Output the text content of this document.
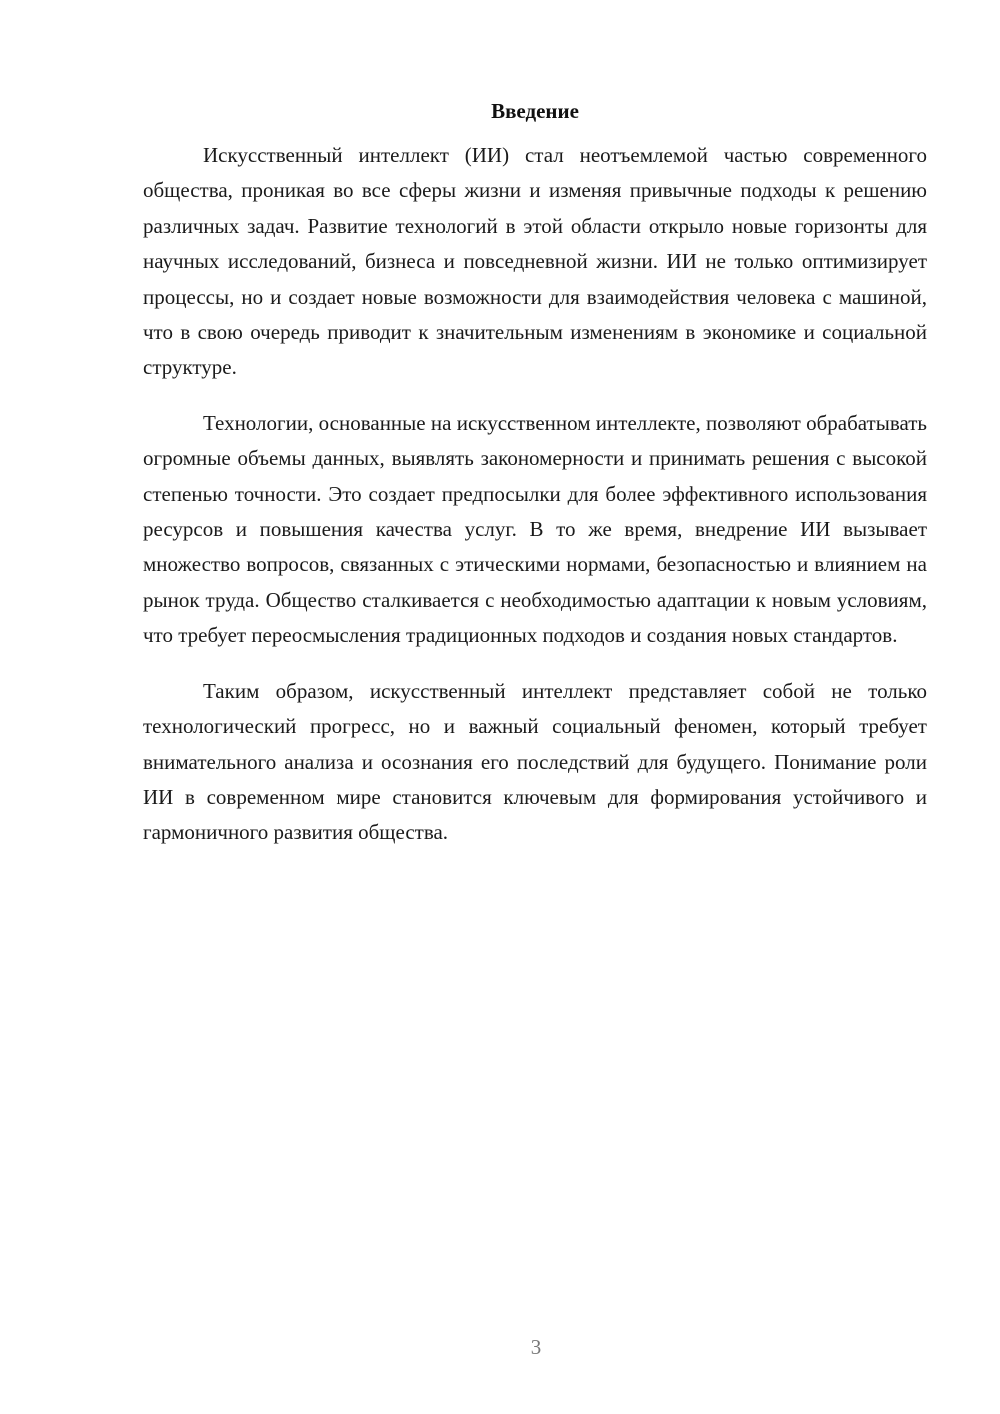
Введение

Искусственный интеллект (ИИ) стал неотъемлемой частью современного общества, проникая во все сферы жизни и изменяя привычные подходы к решению различных задач. Развитие технологий в этой области открыло новые горизонты для научных исследований, бизнеса и повседневной жизни. ИИ не только оптимизирует процессы, но и создает новые возможности для взаимодействия человека с машиной, что в свою очередь приводит к значительным изменениям в экономике и социальной структуре.

Технологии, основанные на искусственном интеллекте, позволяют обрабатывать огромные объемы данных, выявлять закономерности и принимать решения с высокой степенью точности. Это создает предпосылки для более эффективного использования ресурсов и повышения качества услуг. В то же время, внедрение ИИ вызывает множество вопросов, связанных с этическими нормами, безопасностью и влиянием на рынок труда. Общество сталкивается с необходимостью адаптации к новым условиям, что требует переосмысления традиционных подходов и создания новых стандартов.

Таким образом, искусственный интеллект представляет собой не только технологический прогресс, но и важный социальный феномен, который требует внимательного анализа и осознания его последствий для будущего. Понимание роли ИИ в современном мире становится ключевым для формирования устойчивого и гармоничного развития общества.

3
